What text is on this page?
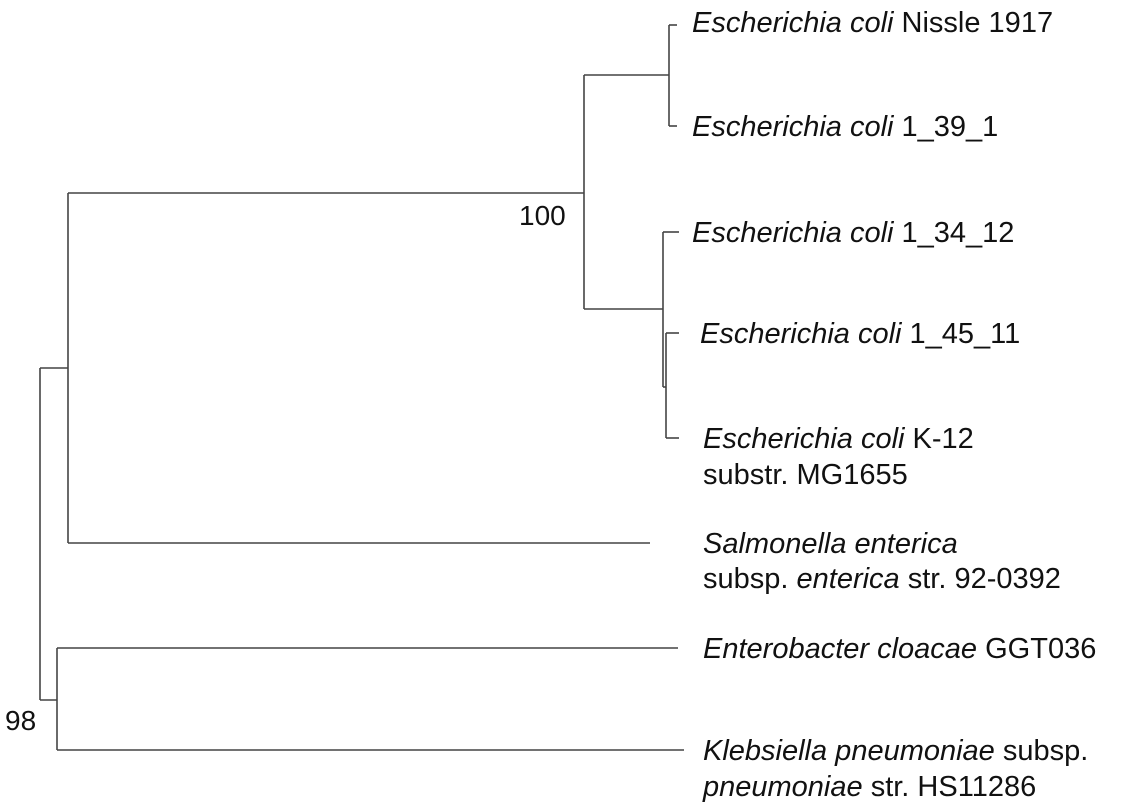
Escherichia coli Nissle 1917
Escherichia coli 1_39_1
Escherichia coli 1_34_12
Escherichia coli 1_45_11
Escherichia coli K-12
substr. MG1655
Salmonella enterica
subsp. enterica str. 92-0392
Enterobacter cloacae GGT036
Klebsiella pneumoniae subsp.
pneumoniae str. HS11286
100
98
